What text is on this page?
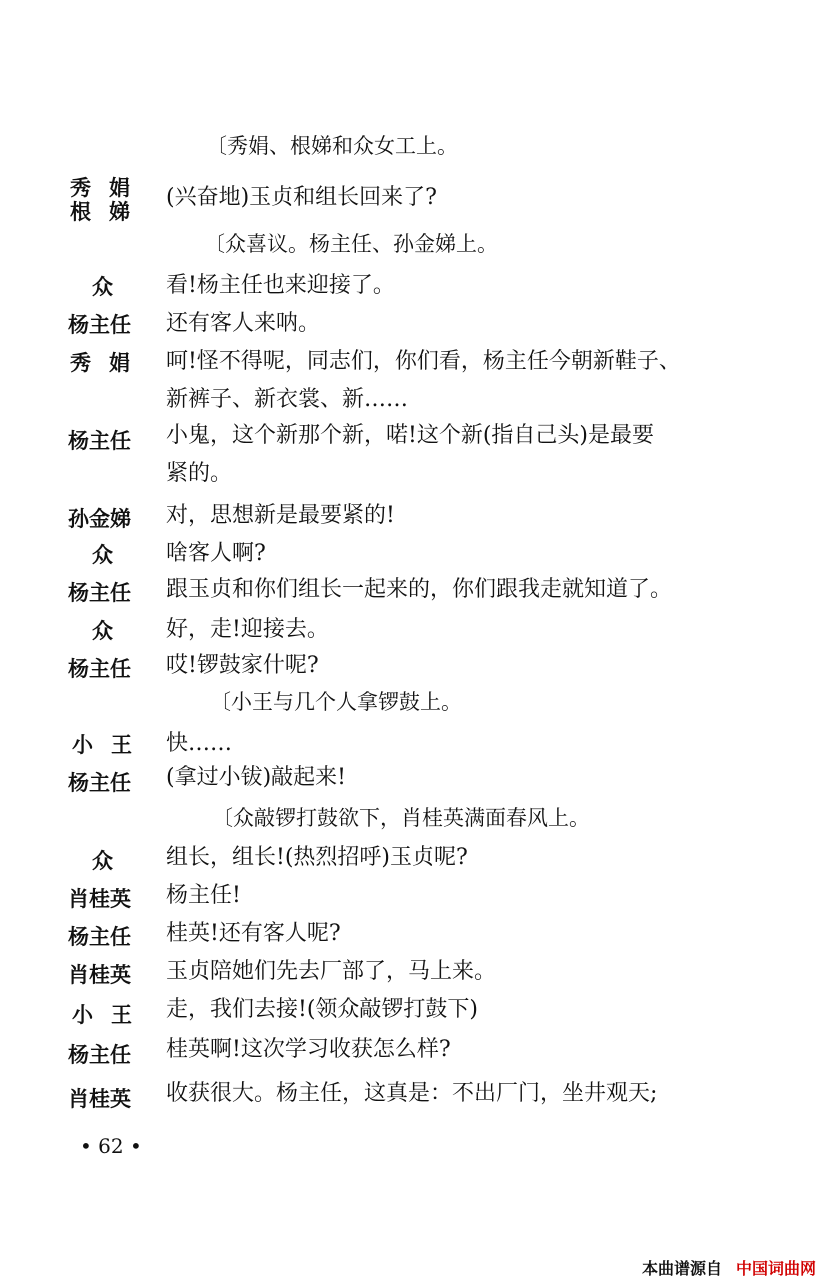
〔秀娟、根娣和众女工上。
秀娟
根娣
(兴奋地)玉贞和组长回来了?
〔众喜议。杨主任、孙金娣上。
众 看!杨主任也来迎接了。
杨主任 还有客人来呐。
秀娟 呵!怪不得呢，同志们，你们看，杨主任今朝新鞋子、
新裤子、新衣裳、新……
杨主任 小鬼，这个新那个新，喏!这个新(指自己头)是最要
紧的。
孙金娣 对，思想新是最要紧的!
众 啥客人啊?
杨主任 跟玉贞和你们组长一起来的，你们跟我走就知道了。
众 好，走!迎接去。
杨主任 哎!锣鼓家什呢?
〔小王与几个人拿锣鼓上。
小王 快……
杨主任 (拿过小钹)敲起来!
〔众敲锣打鼓欲下，肖桂英满面春风上。
众 组长，组长!(热烈招呼)玉贞呢?
肖桂英 杨主任!
杨主任 桂英!还有客人呢?
肖桂英 玉贞陪她们先去厂部了，马上来。
小王 走，我们去接!(领众敲锣打鼓下)
杨主任 桂英啊!这次学习收获怎么样?
肖桂英 收获很大。杨主任，这真是：不出厂门，坐井观天;
• 62 •
本曲谱源自 中国词曲网
